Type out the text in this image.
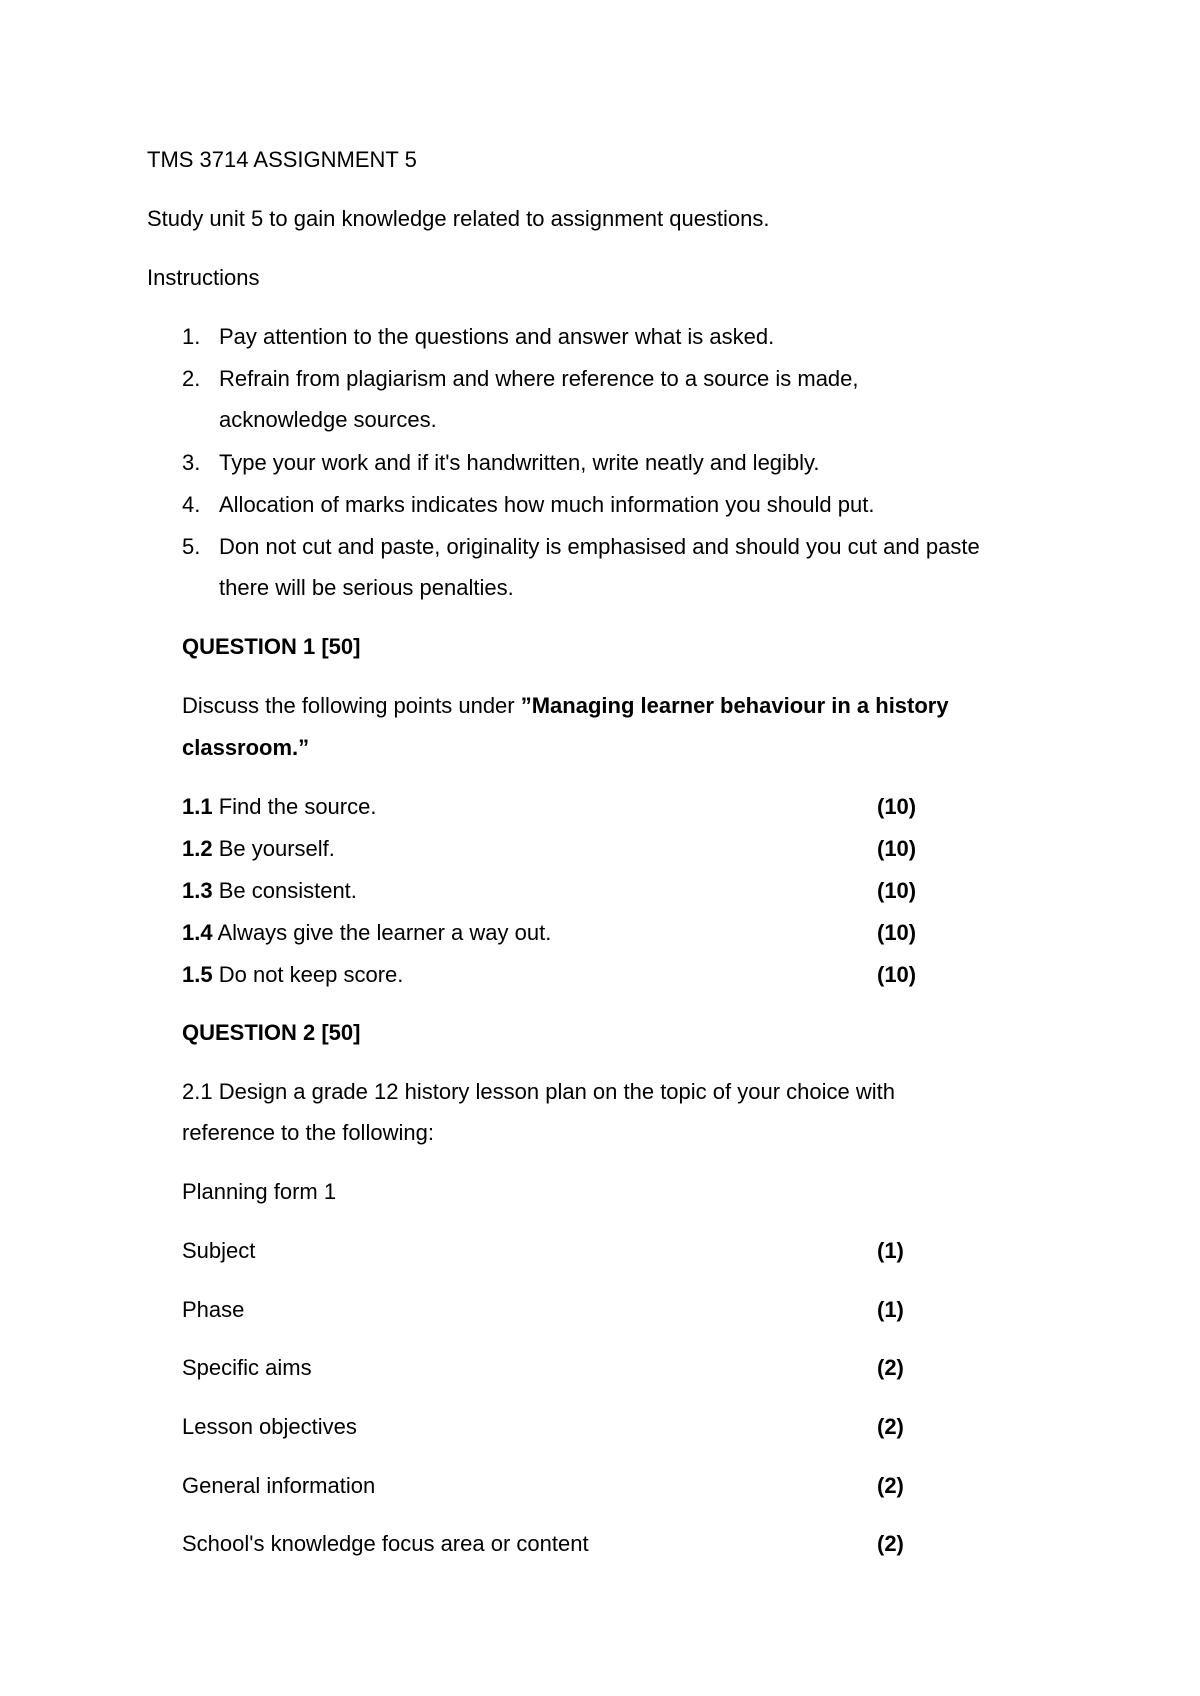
TMS 3714 ASSIGNMENT 5
Study unit 5 to gain knowledge related to assignment questions.
Instructions
1. Pay attention to the questions and answer what is asked.
2. Refrain from plagiarism and where reference to a source is made,
acknowledge sources.
3. Type your work and if it's handwritten, write neatly and legibly.
4. Allocation of marks indicates how much information you should put.
5. Don not cut and paste, originality is emphasised and should you cut and paste
there will be serious penalties.
QUESTION 1 [50]
Discuss the following points under ”Managing learner behaviour in a history
classroom.”
1.1 Find the source.	(10)
1.2 Be yourself.	(10)
1.3 Be consistent.	(10)
1.4 Always give the learner a way out.	(10)
1.5 Do not keep score.	(10)
QUESTION 2 [50]
2.1 Design a grade 12 history lesson plan on the topic of your choice with
reference to the following:
Planning form 1
Subject	(1)
Phase	(1)
Specific aims	(2)
Lesson objectives	(2)
General information	(2)
School's knowledge focus area or content	(2)
